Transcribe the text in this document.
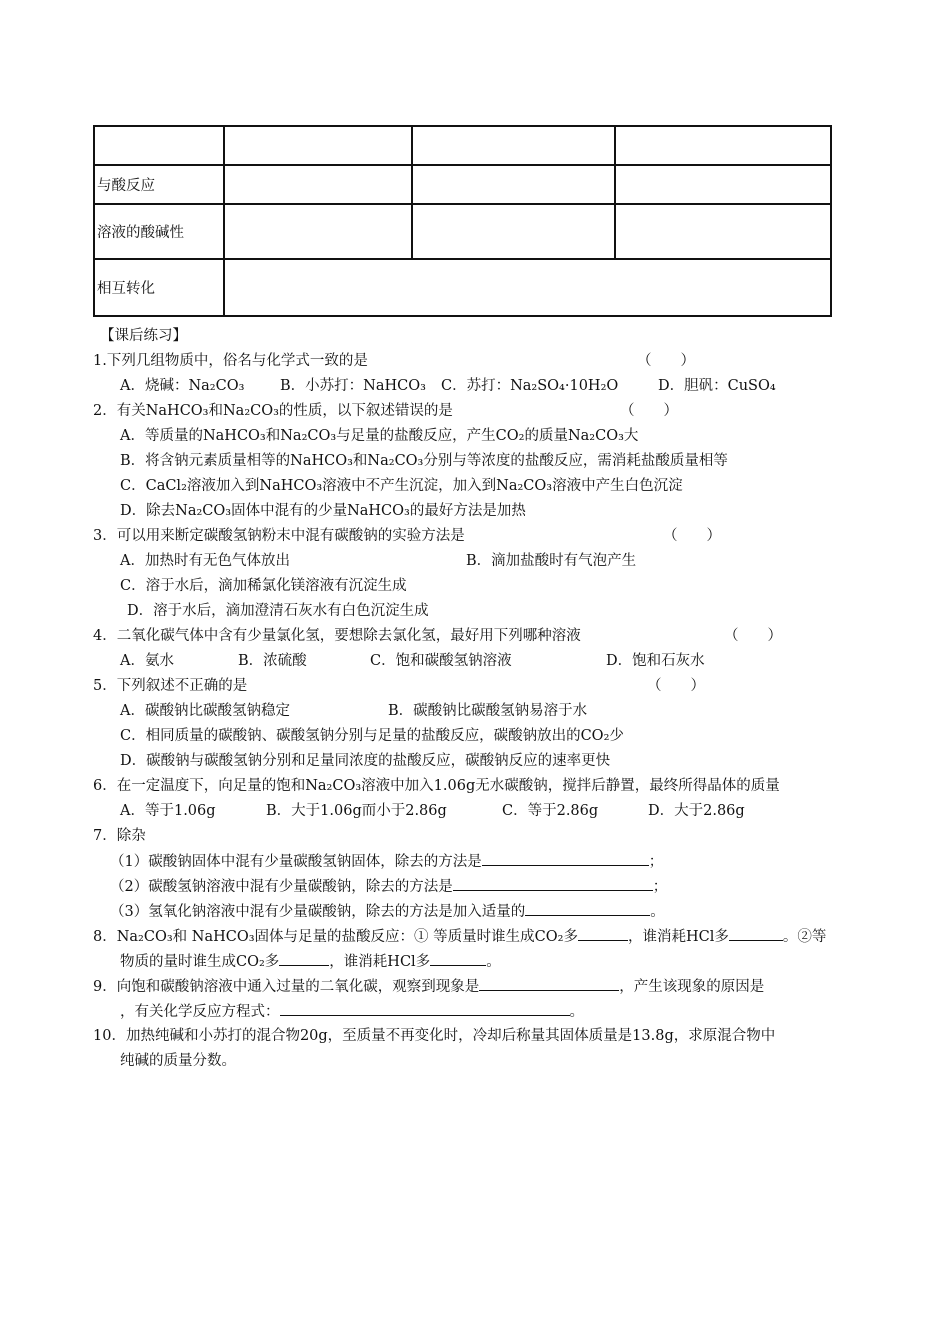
与酸反应			
溶液的酸碱性			
相互转化			
【课后练习】
1.下列几组物质中，俗名与化学式一致的是	（　　）
A．烧碱：Na₂CO₃ B．小苏打：NaHCO₃ C．苏打：Na₂SO₄·10H₂O	D．胆矾：CuSO₄
2．有关NaHCO₃和Na₂CO₃的性质，以下叙述错误的是	（　　）
A．等质量的NaHCO₃和Na₂CO₃与足量的盐酸反应，产生CO₂的质量Na₂CO₃大
B．将含钠元素质量相等的NaHCO₃和Na₂CO₃分别与等浓度的盐酸反应，需消耗盐酸质量相等
C．CaCl₂溶液加入到NaHCO₃溶液中不产生沉淀，加入到Na₂CO₃溶液中产生白色沉淀
D．除去Na₂CO₃固体中混有的少量NaHCO₃的最好方法是加热
3．可以用来断定碳酸氢钠粉末中混有碳酸钠的实验方法是	（　　）
A．加热时有无色气体放出	B．滴加盐酸时有气泡产生
C．溶于水后，滴加稀氯化镁溶液有沉淀生成
D．溶于水后，滴加澄清石灰水有白色沉淀生成
4．二氧化碳气体中含有少量氯化氢，要想除去氯化氢，最好用下列哪种溶液	（　　）
A．氨水	B．浓硫酸	C．饱和碳酸氢钠溶液	D．饱和石灰水
5．下列叙述不正确的是	（　　）
A．碳酸钠比碳酸氢钠稳定	B．碳酸钠比碳酸氢钠易溶于水
C．相同质量的碳酸钠、碳酸氢钠分别与足量的盐酸反应，碳酸钠放出的CO₂少
D．碳酸钠与碳酸氢钠分别和足量同浓度的盐酸反应，碳酸钠反应的速率更快
6．在一定温度下，向足量的饱和Na₂CO₃溶液中加入1.06g无水碳酸钠，搅拌后静置，最终所得晶体的质量
A．等于1.06g	B．大于1.06g而小于2.86g	C．等于2.86g	D．大于2.86g
7．除杂
（1）碳酸钠固体中混有少量碳酸氢钠固体，除去的方法是	；
（2）碳酸氢钠溶液中混有少量碳酸钠，除去的方法是	；
（3）氢氧化钠溶液中混有少量碳酸钠，除去的方法是加入适量的	。
8．Na₂CO₃和 NaHCO₃固体与足量的盐酸反应：① 等质量时谁生成CO₂多	，谁消耗HCl多	。②等
物质的量时谁生成CO₂多	，谁消耗HCl多	。
9．向饱和碳酸钠溶液中通入过量的二氧化碳，观察到现象是	，产生该现象的原因是
，有关化学反应方程式：	。
10．加热纯碱和小苏打的混合物20g，至质量不再变化时，冷却后称量其固体质量是13.8g，求原混合物中
纯碱的质量分数。
